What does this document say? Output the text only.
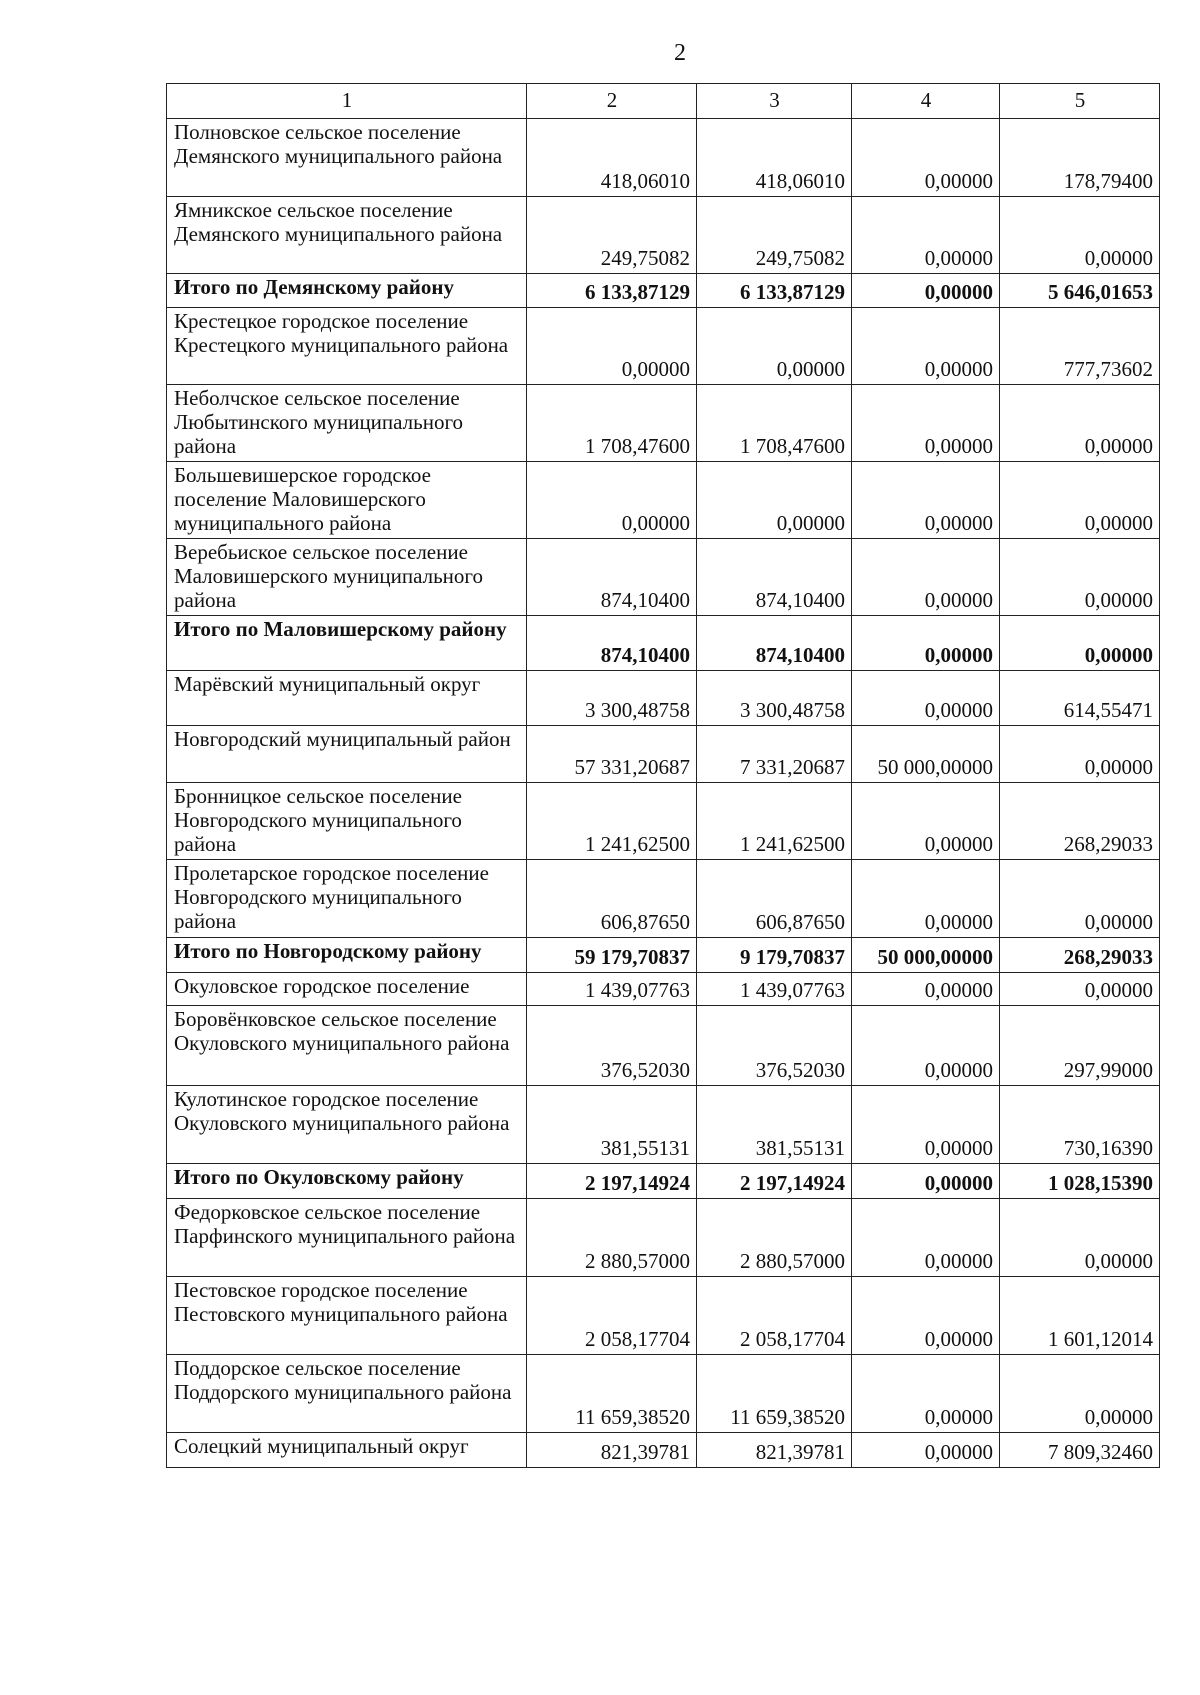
2
1	2	3	4	5
Полновское сельское поселение Демянского муниципального района	418,06010	418,06010	0,00000	178,79400
Ямникское сельское поселение Демянского муниципального района	249,75082	249,75082	0,00000	0,00000
Итого по Демянскому району	6 133,87129	6 133,87129	0,00000	5 646,01653
Крестецкое городское поселение Крестецкого муниципального района	0,00000	0,00000	0,00000	777,73602
Неболчское сельское поселение Любытинского муниципального района	1 708,47600	1 708,47600	0,00000	0,00000
Большевишерское городское поселение Маловишерского муниципального района	0,00000	0,00000	0,00000	0,00000
Веребьиское сельское поселение Маловишерского муниципального района	874,10400	874,10400	0,00000	0,00000
Итого по Маловишерскому району	874,10400	874,10400	0,00000	0,00000
Марёвский муниципальный округ	3 300,48758	3 300,48758	0,00000	614,55471
Новгородский муниципальный район	57 331,20687	7 331,20687	50 000,00000	0,00000
Бронницкое сельское поселение Новгородского муниципального района	1 241,62500	1 241,62500	0,00000	268,29033
Пролетарское городское поселение Новгородского муниципального района	606,87650	606,87650	0,00000	0,00000
Итого по Новгородскому району	59 179,70837	9 179,70837	50 000,00000	268,29033
Окуловское городское поселение	1 439,07763	1 439,07763	0,00000	0,00000
Боровёнковское сельское поселение Окуловского муниципального района	376,52030	376,52030	0,00000	297,99000
Кулотинское городское поселение Окуловского муниципального района	381,55131	381,55131	0,00000	730,16390
Итого по Окуловскому району	2 197,14924	2 197,14924	0,00000	1 028,15390
Федорковское сельское поселение Парфинского муниципального района	2 880,57000	2 880,57000	0,00000	0,00000
Пестовское городское поселение Пестовского муниципального района	2 058,17704	2 058,17704	0,00000	1 601,12014
Поддорское сельское поселение Поддорского муниципального района	11 659,38520	11 659,38520	0,00000	0,00000
Солецкий муниципальный округ	821,39781	821,39781	0,00000	7 809,32460
